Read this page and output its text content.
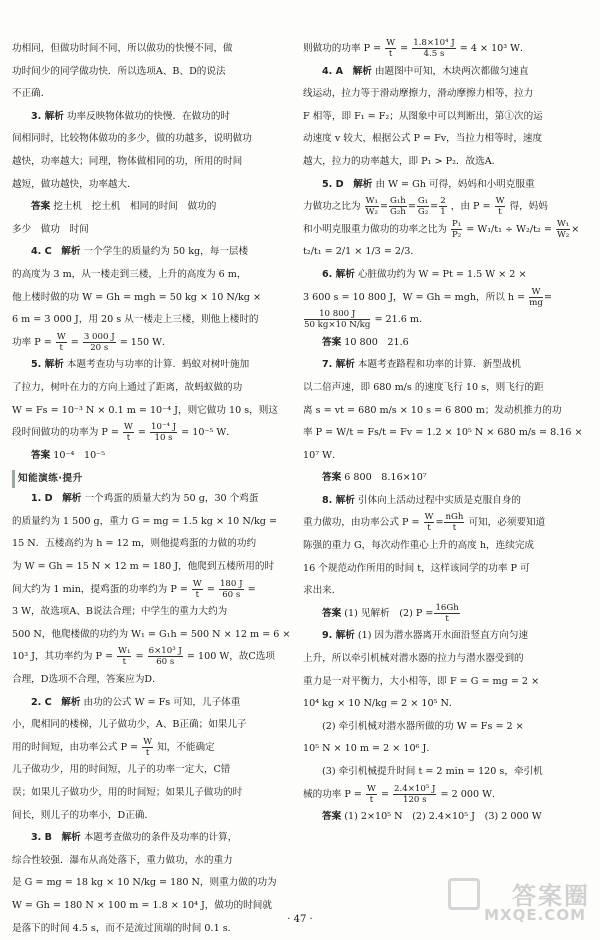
功相同，但做功时间不同，所以做功的快慢不同，做
功时间少的同学做功快．所以选项A、B、D的说法
不正确．
3. 解析 功率反映物体做功的快慢．在做功的时
间相同时，比较物体做功的多少，做的功越多，说明做功
越快，功率越大；同理，物体做相同的功，所用的时间
越短，做功越快，功率越大．
答案 挖土机　挖土机　相同的时间　做功的
多少　做功　时间
4. C　解析 一个学生的质量约为 50 kg，每一层楼
的高度为 3 m，从一楼走到三楼，上升的高度为 6 m，
他上楼时做的功 W = Gh = mgh = 50 kg × 10 N/kg ×
6 m = 3 000 J，用 20 s 从一楼走上三楼，则他上楼时的
功率 $P = \frac{W}{t} = \frac{3 000 J}{20 s} = 150$ W．
5. 解析 本题考查功与功率的计算．蚂蚁对树叶施加
了拉力，树叶在力的方向上通过了距离，故蚂蚁做的功
W = Fs = 10⁻³ N × 0.1 m = 10⁻⁴ J，则它做功 10 s，则这
段时间做功的功率为 $P = \frac{W}{t} = \frac{\text{10⁻⁴ J}}{10 s} = 10^{-5}$ W．
答案 10⁻⁴　10⁻⁵
知能演练·提升
1. D　解析 一个鸡蛋的质量大约为 50 g，30 个鸡蛋
的质量约为 1 500 g，重力 G = mg = 1.5 kg × 10 N/kg =
15 N．五楼高约为 h = 12 m，则他提鸡蛋的力做的功约
为 W = Gh = 15 N × 12 m = 180 J，他爬到五楼所用的时
间大约为 1 min，提鸡蛋的功率约为 $P = \frac{W}{t} = \frac{180 J}{60 s}$ =
3 W，故选项A、B说法合理；中学生的重力大约为
500 N，他爬楼做的功约为 W₁ = G₁h = 500 N × 12 m = 6 ×
10³ J，其功率约为 $P = \frac{\text{W₁}}{t} = \frac{\text{6×10³ J}}{60 s} = 100$ W，故C选项
合理，D选项不合理，答案应为D．
2. C　解析 由功的公式 W = Fs 可知，儿子体重
小，爬相同的楼梯，儿子做功少，A、B正确；如果儿子
用的时间短，由功率公式 $P = \frac{W}{t}$ 知，不能确定
儿子做功少，用的时间短，儿子的功率一定大，C错
误；如果儿子做功少，用的时间短；如果儿子做功的时
间长，则儿子的功率小，D正确．
3. B　解析 本题考查做功的条件及功率的计算，
综合性较强．瀑布从高处落下，重力做功，水的重力
是 G = mg = 18 kg × 10 N/kg = 180 N，则重力做的功为
W = Gh = 180 N × 100 m = 1.8 × 10⁴ J，做功的时间就
是落下的时间 4.5 s，而不是流过顶端的时间 0.1 s．
则做功的功率 $P = \frac{W}{t} = \frac{\text{1.8×10⁴ J}}{4.5 s} = 4 \times 10^3$ W．
4. A　解析 由题图中可知，木块两次都做匀速直
线运动，拉力等于滑动摩擦力，滑动摩擦力相等，拉力
F 相等，即 F₁ = F₂；从图象中可以判断出，第①次的运
动速度 v 较大，根据公式 P = Fv，当拉力相等时，速度
越大，拉力的功率越大，即 P₁ > P₂．故选A．
5. D　解析 由 W = Gh 可得，妈妈和小明克服重
力做功之比为 $\frac{\text{W₁}}{\text{W₂}} = \frac{\text{G₁h}}{\text{G₂h}} = \frac{\text{G₁}}{\text{G₂}} = \frac{2}{1}$ ，由 $P = \frac{W}{t}$ 得，妈妈
和小明克服重力做功的功率之比为 $\frac{\text{P₁}}{\text{P₂}} = W_1/t_1 \div W_2/t_2 = \frac{\text{W₁}}{\text{W₂}}$ ×
t₂/t₁ = 2/1 × 1/3 = 2/3．
6. 解析 心脏做功约为 W = Pt = 1.5 W × 2 ×
3 600 s = 10 800 J，W = Gh = mgh，所以 $h = \frac{W}{mg}$ =
$\frac{10 800 J}{50 kg\times 10 N/kg} = 21.6$ m．
答案 10 800　21.6
7. 解析 本题考查路程和功率的计算．新型战机
以二倍声速，即 680 m/s 的速度飞行 10 s，则飞行的距
离 s = vt = 680 m/s × 10 s = 6 800 m；发动机推力的功
率 P = W/t = Fs/t = Fv = 1.2 × 10⁵ N × 680 m/s = 8.16 ×
10⁷ W．
答案 6 800　8.16×10⁷
8. 解析 引体向上活动过程中实质是克服自身的
重力做功，由功率公式 $P = \frac{W}{t} = \frac{\text{nGh}}{t}$ 可知，必须要知道
陈强的重力 G，每次动作重心上升的高度 h，连续完成
16 个规范动作所用的时间 t，这样该同学的功率 P 可
求出来．
答案 (1) 见解析　(2) $P = \frac{16Gh}{t}$
9. 解析 (1) 因为潜水器离开水面沿竖直方向匀速
上升，所以牵引机械对潜水器的拉力与潜水器受到的
重力是一对平衡力，大小相等，即 F = G = mg = 2 ×
10⁴ kg × 10 N/kg = 2 × 10⁵ N．
(2) 牵引机械对潜水器所做的功 W = Fs = 2 ×
10⁵ N × 10 m = 2 × 10⁶ J．
(3) 牵引机械提升时间 t = 2 min = 120 s，牵引机
械的功率 $P = \frac{W}{t} = \frac{\text{2.4×10⁵ J}}{120 s} = 2$ 000 W．
答案 (1) 2×10⁵ N　(2) 2.4×10⁵ J　(3) 2 000 W
答案圈
MXQE.COM
· 47 ·
